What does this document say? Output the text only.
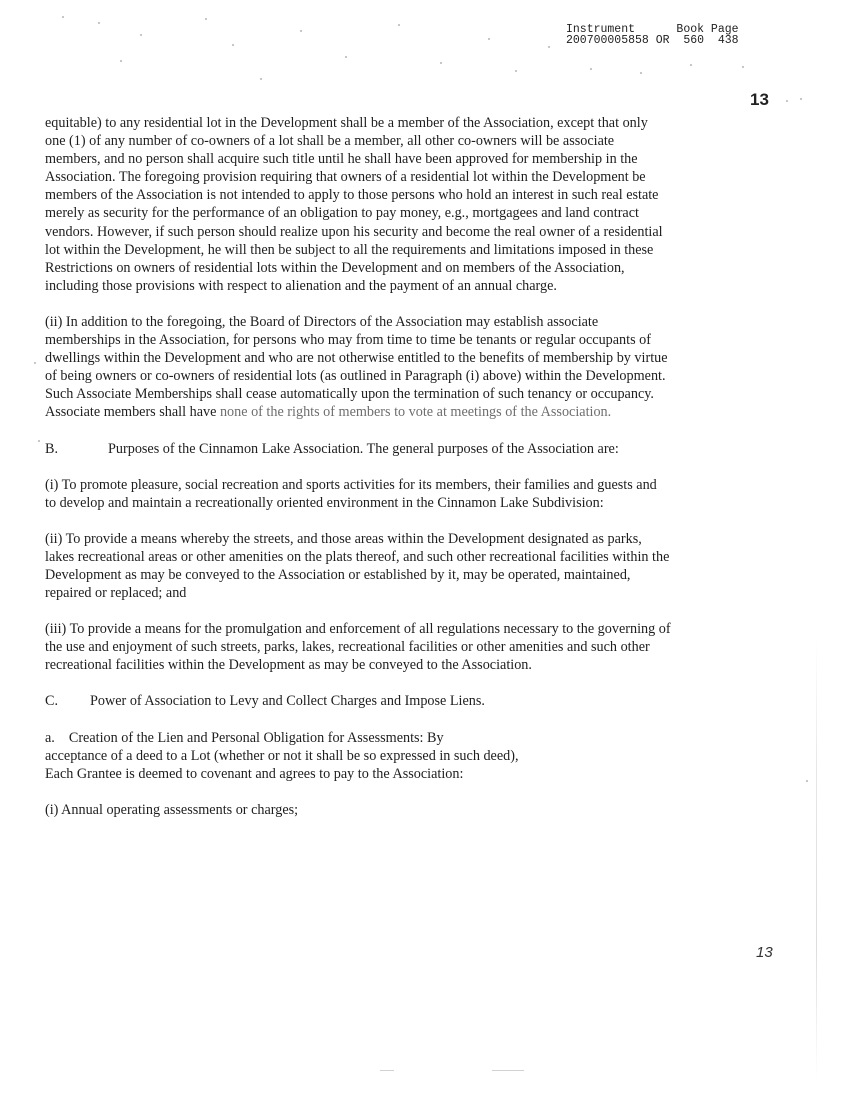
Instrument      Book Page
200700005858 OR  560  438
13

equitable) to any residential lot in the Development shall be a member of the Association, except that only one (1) of any number of co-owners of a lot shall be a member, all other co-owners will be associate members, and no person shall acquire such title until he shall have been approved for membership in the Association. The foregoing provision requiring that owners of a residential lot within the Development be members of the Association is not intended to apply to those persons who hold an interest in such real estate merely as security for the performance of an obligation to pay money, e.g., mortgagees and land contract vendors. However, if such person should realize upon his security and become the real owner of a residential lot within the Development, he will then be subject to all the requirements and limitations imposed in these Restrictions on owners of residential lots within the Development and on members of the Association, including those provisions with respect to alienation and the payment of an annual charge.

(ii) In addition to the foregoing, the Board of Directors of the Association may establish associate memberships in the Association, for persons who may from time to time be tenants or regular occupants of dwellings within the Development and who are not otherwise entitled to the benefits of membership by virtue of being owners or co-owners of residential lots (as outlined in Paragraph (i) above) within the Development. Such Associate Memberships shall cease automatically upon the termination of such tenancy or occupancy. Associate members shall have none of the rights of members to vote at meetings of the Association.

B.	Purposes of the Cinnamon Lake Association. The general purposes of the Association are:

(i) To promote pleasure, social recreation and sports activities for its members, their families and guests and to develop and maintain a recreationally oriented environment in the Cinnamon Lake Subdivision:

(ii) To provide a means whereby the streets, and those areas within the Development designated as parks, lakes recreational areas or other amenities on the plats thereof, and such other recreational facilities within the Development as may be conveyed to the Association or established by it, may be operated, maintained, repaired or replaced; and

(iii) To provide a means for the promulgation and enforcement of all regulations necessary to the governing of the use and enjoyment of such streets, parks, lakes, recreational facilities or other amenities and such other recreational facilities within the Development as may be conveyed to the Association.

C. Power of Association to Levy and Collect Charges and Impose Liens.

a. Creation of the Lien and Personal Obligation for Assessments: By
acceptance of a deed to a Lot (whether or not it shall be so expressed in such deed),
Each Grantee is deemed to covenant and agrees to pay to the Association:

(i) Annual operating assessments or charges;

13
